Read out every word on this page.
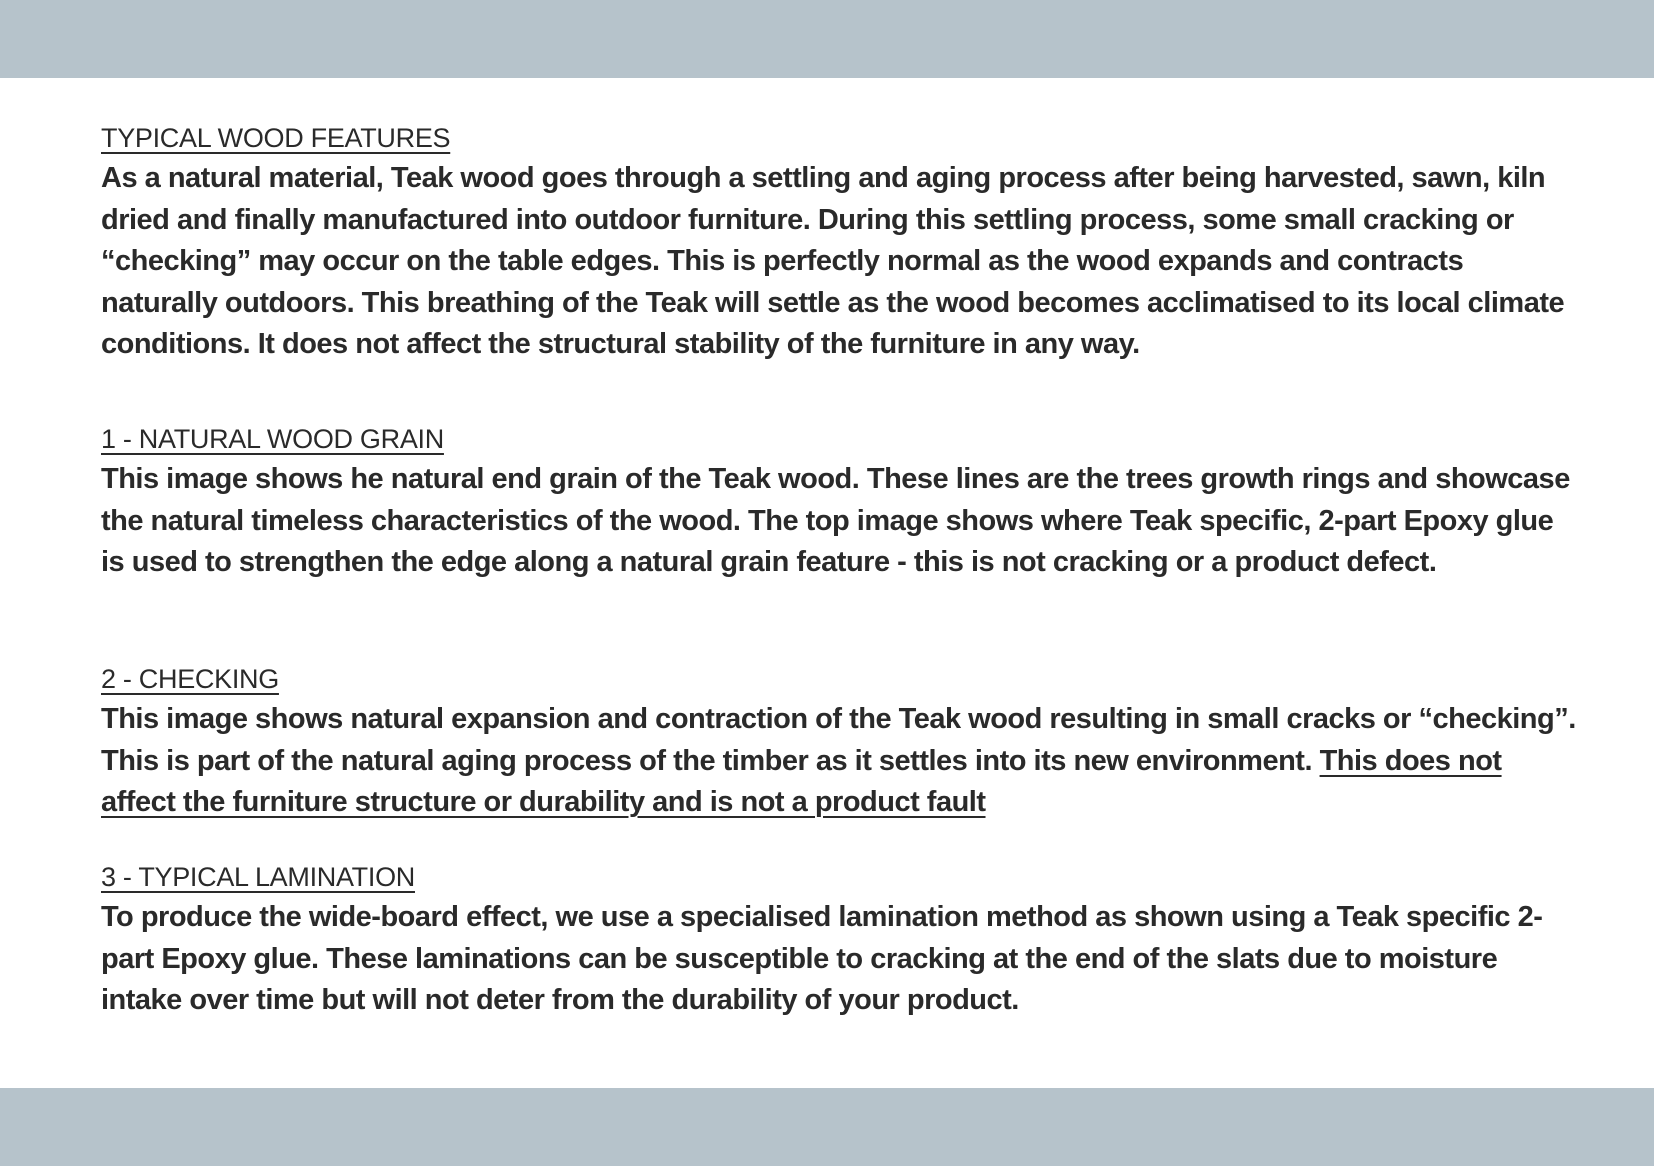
TYPICAL WOOD FEATURES

As a natural material, Teak wood goes through a settling and aging process after being harvested, sawn, kiln dried and finally manufactured into outdoor furniture. During this settling process, some small cracking or “checking” may occur on the table edges. This is perfectly normal as the wood expands and contracts naturally outdoors. This breathing of the Teak will settle as the wood becomes acclimatised to its local climate conditions. It does not affect the structural stability of the furniture in any way.

1 - NATURAL WOOD GRAIN

This image shows he natural end grain of the Teak wood. These lines are the trees growth rings and showcase the natural timeless characteristics of the wood. The top image shows where Teak specific, 2-part Epoxy glue is used to strengthen the edge along a natural grain feature - this is not cracking or a product defect.

2 - CHECKING

This image shows natural expansion and contraction of the Teak wood resulting in small cracks or “checking”. This is part of the natural aging process of the timber as it settles into its new environment. This does not affect the furniture structure or durability and is not a product fault

3 - TYPICAL LAMINATION

To produce the wide-board effect, we use a specialised lamination method as shown using a Teak specific 2-part Epoxy glue. These laminations can be susceptible to cracking at the end of the slats due to moisture intake over time but will not deter from the durability of your product.
